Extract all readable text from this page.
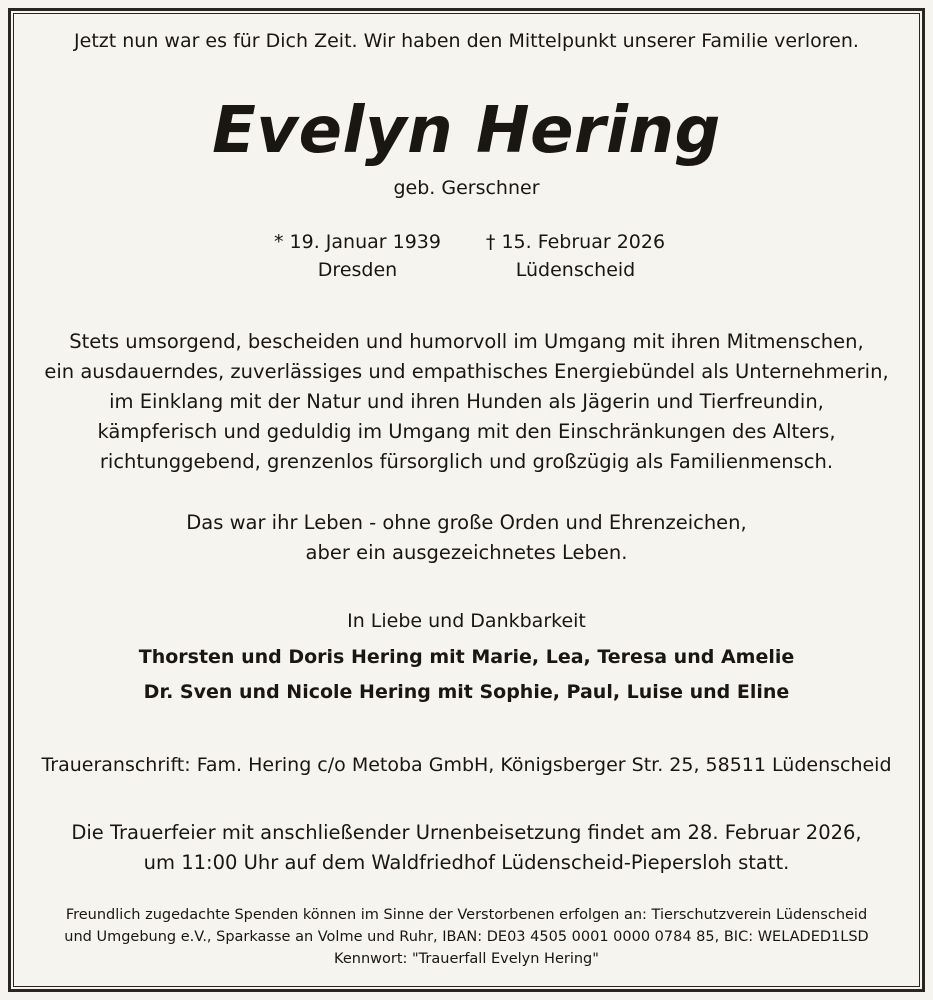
Jetzt nun war es für Dich Zeit. Wir haben den Mittelpunkt unserer Familie verloren.
Evelyn Hering
geb. Gerschner
* 19. Januar 1939
Dresden
† 15. Februar 2026
Lüdenscheid
Stets umsorgend, bescheiden und humorvoll im Umgang mit ihren Mitmenschen,
ein ausdauerndes, zuverlässiges und empathisches Energiebündel als Unternehmerin,
im Einklang mit der Natur und ihren Hunden als Jägerin und Tierfreundin,
kämpferisch und geduldig im Umgang mit den Einschränkungen des Alters,
richtunggebend, grenzenlos fürsorglich und großzügig als Familienmensch.
Das war ihr Leben - ohne große Orden und Ehrenzeichen,
aber ein ausgezeichnetes Leben.
In Liebe und Dankbarkeit
Thorsten und Doris Hering mit Marie, Lea, Teresa und Amelie
Dr. Sven und Nicole Hering mit Sophie, Paul, Luise und Eline
Traueranschrift: Fam. Hering c/o Metoba GmbH, Königsberger Str. 25, 58511 Lüdenscheid
Die Trauerfeier mit anschließender Urnenbeisetzung findet am 28. Februar 2026,
um 11:00 Uhr auf dem Waldfriedhof Lüdenscheid-Piepersloh statt.
Freundlich zugedachte Spenden können im Sinne der Verstorbenen erfolgen an: Tierschutzverein Lüdenscheid
und Umgebung e.V., Sparkasse an Volme und Ruhr, IBAN: DE03 4505 0001 0000 0784 85, BIC: WELADED1LSD
Kennwort: "Trauerfall Evelyn Hering"
